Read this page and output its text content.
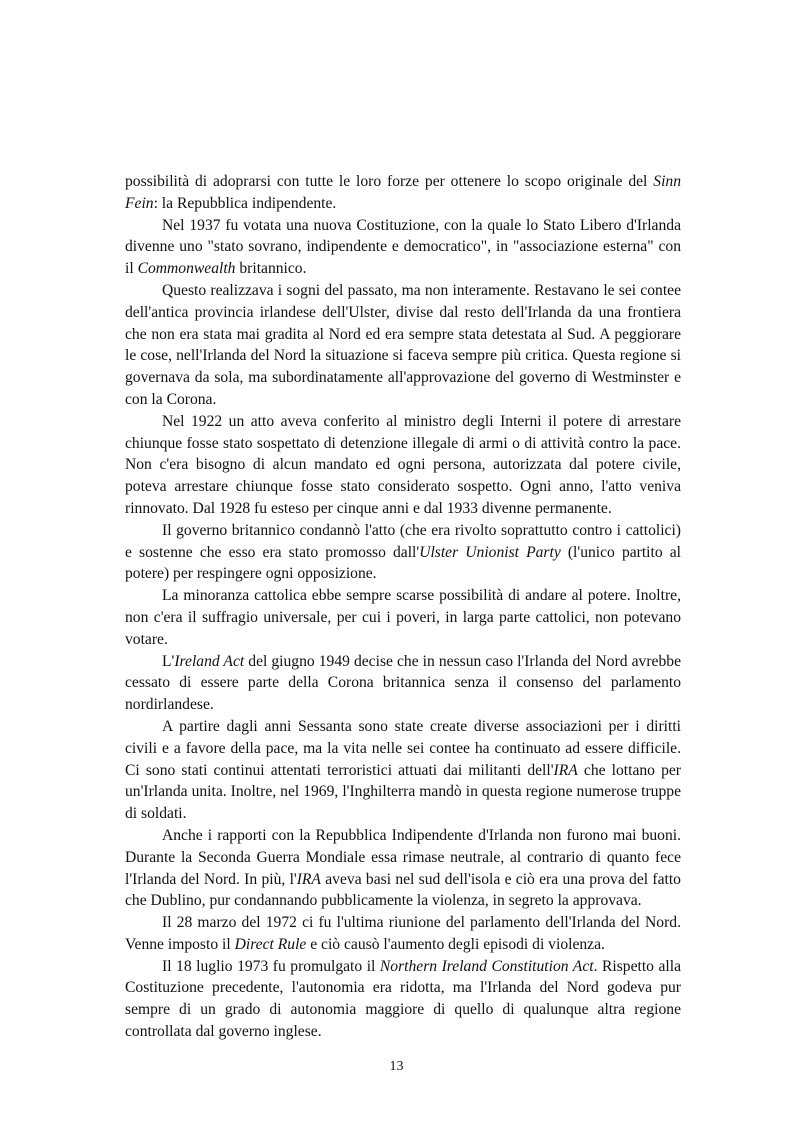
possibilità di adoprarsi con tutte le loro forze per ottenere lo scopo originale del Sinn Fein: la Repubblica indipendente.

Nel 1937 fu votata una nuova Costituzione, con la quale lo Stato Libero d'Irlanda divenne uno "stato sovrano, indipendente e democratico", in "associazione esterna" con il Commonwealth britannico.

Questo realizzava i sogni del passato, ma non interamente. Restavano le sei contee dell'antica provincia irlandese dell'Ulster, divise dal resto dell'Irlanda da una frontiera che non era stata mai gradita al Nord ed era sempre stata detestata al Sud. A peggiorare le cose, nell'Irlanda del Nord la situazione si faceva sempre più critica. Questa regione si governava da sola, ma subordinatamente all'approvazione del governo di Westminster e con la Corona.

Nel 1922 un atto aveva conferito al ministro degli Interni il potere di arrestare chiunque fosse stato sospettato di detenzione illegale di armi o di attività contro la pace. Non c'era bisogno di alcun mandato ed ogni persona, autorizzata dal potere civile, poteva arrestare chiunque fosse stato considerato sospetto. Ogni anno, l'atto veniva rinnovato. Dal 1928 fu esteso per cinque anni e dal 1933 divenne permanente.

Il governo britannico condannò l'atto (che era rivolto soprattutto contro i cattolici) e sostenne che esso era stato promosso dall'Ulster Unionist Party (l'unico partito al potere) per respingere ogni opposizione.

La minoranza cattolica ebbe sempre scarse possibilità di andare al potere. Inoltre, non c'era il suffragio universale, per cui i poveri, in larga parte cattolici, non potevano votare.

L'Ireland Act del giugno 1949 decise che in nessun caso l'Irlanda del Nord avrebbe cessato di essere parte della Corona britannica senza il consenso del parlamento nordirlandese.

A partire dagli anni Sessanta sono state create diverse associazioni per i diritti civili e a favore della pace, ma la vita nelle sei contee ha continuato ad essere difficile. Ci sono stati continui attentati terroristici attuati dai militanti dell'IRA che lottano per un'Irlanda unita. Inoltre, nel 1969, l'Inghilterra mandò in questa regione numerose truppe di soldati.

Anche i rapporti con la Repubblica Indipendente d'Irlanda non furono mai buoni. Durante la Seconda Guerra Mondiale essa rimase neutrale, al contrario di quanto fece l'Irlanda del Nord. In più, l'IRA aveva basi nel sud dell'isola e ciò era una prova del fatto che Dublino, pur condannando pubblicamente la violenza, in segreto la approvava.

Il 28 marzo del 1972 ci fu l'ultima riunione del parlamento dell'Irlanda del Nord. Venne imposto il Direct Rule e ciò causò l'aumento degli episodi di violenza.

Il 18 luglio 1973 fu promulgato il Northern Ireland Constitution Act. Rispetto alla Costituzione precedente, l'autonomia era ridotta, ma l'Irlanda del Nord godeva pur sempre di un grado di autonomia maggiore di quello di qualunque altra regione controllata dal governo inglese.

13
